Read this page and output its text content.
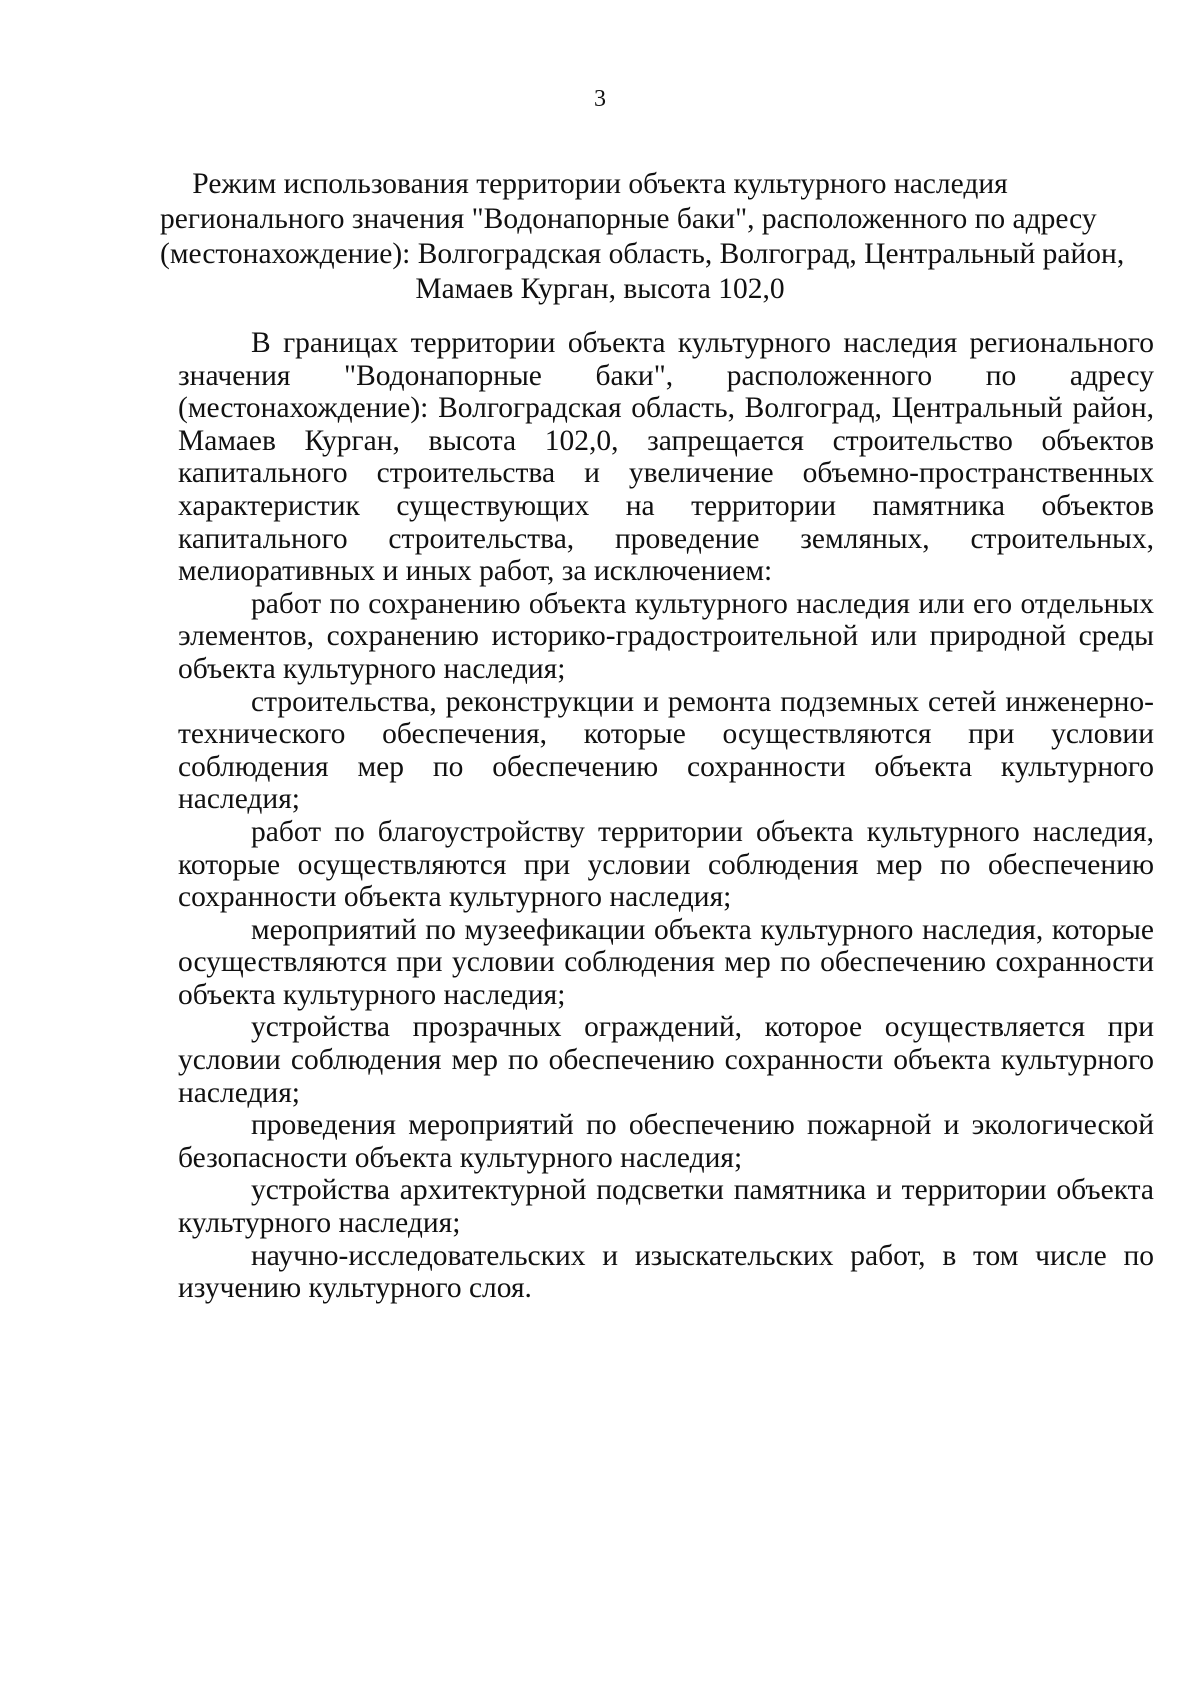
3

Режим использования территории объекта культурного наследия
регионального значения "Водонапорные баки", расположенного по адресу
(местонахождение): Волгоградская область, Волгоград, Центральный район,
Мамаев Курган, высота 102,0

В границах территории объекта культурного наследия регионального значения "Водонапорные баки", расположенного по адресу (местонахождение): Волгоградская область, Волгоград, Центральный район, Мамаев Курган, высота 102,0, запрещается строительство объектов капитального строительства и увеличение объемно-пространственных характеристик существующих на территории памятника объектов капитального строительства, проведение земляных, строительных, мелиоративных и иных работ, за исключением:

работ по сохранению объекта культурного наследия или его отдельных элементов, сохранению историко-градостроительной или природной среды объекта культурного наследия;

строительства, реконструкции и ремонта подземных сетей инженерно-технического обеспечения, которые осуществляются при условии соблюдения мер по обеспечению сохранности объекта культурного наследия;

работ по благоустройству территории объекта культурного наследия, которые осуществляются при условии соблюдения мер по обеспечению сохранности объекта культурного наследия;

мероприятий по музеефикации объекта культурного наследия, которые осуществляются при условии соблюдения мер по обеспечению сохранности объекта культурного наследия;

устройства прозрачных ограждений, которое осуществляется при условии соблюдения мер по обеспечению сохранности объекта культурного наследия;

проведения мероприятий по обеспечению пожарной и экологической безопасности объекта культурного наследия;

устройства архитектурной подсветки памятника и территории объекта культурного наследия;

научно-исследовательских и изыскательских работ, в том числе по изучению культурного слоя.
